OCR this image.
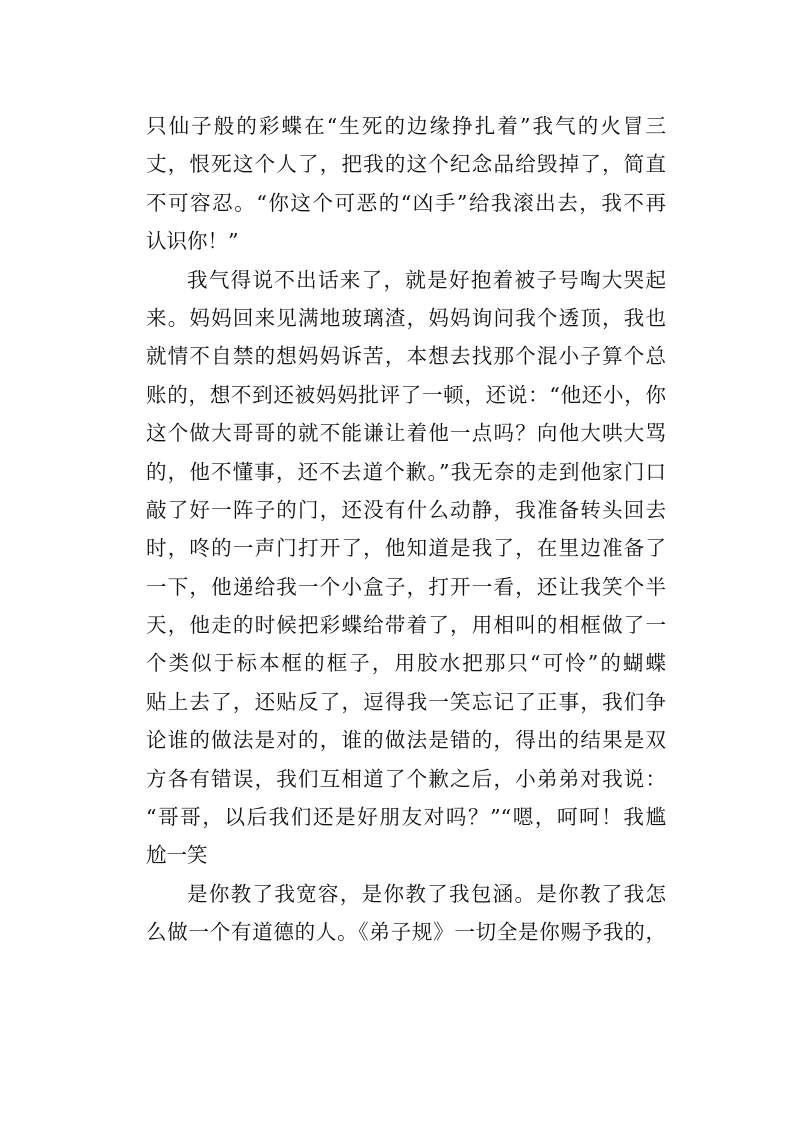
只仙子般的彩蝶在“生死的边缘挣扎着”我气的火冒三
丈，恨死这个人了，把我的这个纪念品给毁掉了，简直
不可容忍。“你这个可恶的“凶手”给我滚出去，我不再
认识你！”
我气得说不出话来了，就是好抱着被子号啕大哭起
来。妈妈回来见满地玻璃渣，妈妈询问我个透顶，我也
就情不自禁的想妈妈诉苦，本想去找那个混小子算个总
账的，想不到还被妈妈批评了一顿，还说：“他还小，你
这个做大哥哥的就不能谦让着他一点吗？向他大哄大骂
的，他不懂事，还不去道个歉。”我无奈的走到他家门口
敲了好一阵子的门，还没有什么动静，我准备转头回去
时，咚的一声门打开了，他知道是我了，在里边准备了
一下，他递给我一个小盒子，打开一看，还让我笑个半
天，他走的时候把彩蝶给带着了，用相叫的相框做了一
个类似于标本框的框子，用胶水把那只“可怜”的蝴蝶
贴上去了，还贴反了，逗得我一笑忘记了正事，我们争
论谁的做法是对的，谁的做法是错的，得出的结果是双
方各有错误，我们互相道了个歉之后，小弟弟对我说：
“哥哥，以后我们还是好朋友对吗？”“嗯，呵呵！我尴
尬一笑
是你教了我宽容，是你教了我包涵。是你教了我怎
么做一个有道德的人。《弟子规》一切全是你赐予我的，
